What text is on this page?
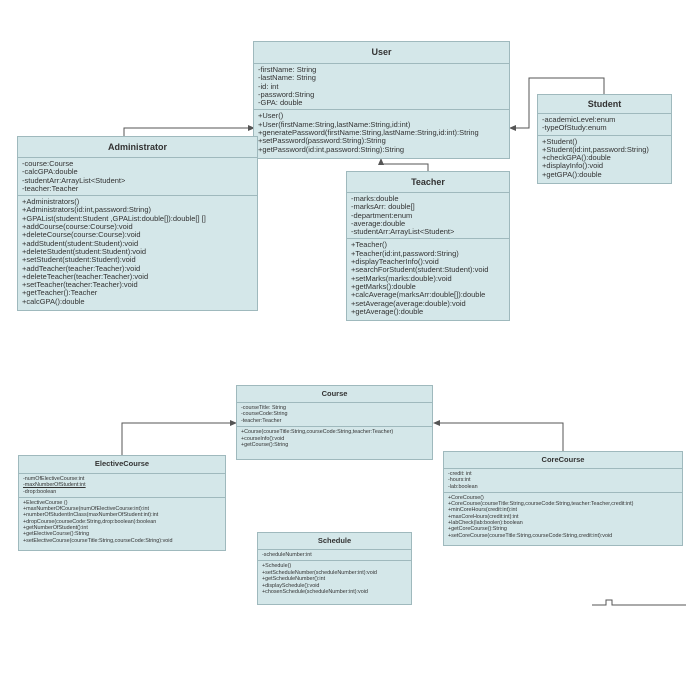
User
-firstName: String
-lastName: String
-id: int
-password:String
-GPA: double
+User()
+User(firstName:String,lastName:String,id:int)
+generatePassword(firstName:String,lastName:String,id:int):String
+setPassword(password:String):String
+getPassword(id:int,password:String):String
Student
-academicLevel:enum
-typeOfStudy:enum
+Student()
+Student(id:int,password:String)
+checkGPA():double
+displayInfo():void
+getGPA():double
Administrator
-course:Course
-calcGPA:double
-studentArr:ArrayList<Student>
-teacher:Teacher
+Administrators()
+Administrators(id:int,password:String)
+GPAList(student:Student ,GPAList:double[]):double[] []
+addCourse(course:Course):void
+deleteCourse(course:Course):void
+addStudent(student:Student):void
+deleteStudent(student:Student):void
+setStudent(student:Student):void
+addTeacher(teacher:Teacher):void
+deleteTeacher(teacher:Teacher):void
+setTeacher(teacher:Teacher):void
+getTeacher():Teacher
+calcGPA():double
Teacher
-marks:double
-marksArr: double[]
-department:enum
-average:double
-studentArr:ArrayList<Student>
+Teacher()
+Teacher(id:int,password:String)
+displayTeacherInfo():void
+searchForStudent(student:Student):void
+setMarks(marks:double):void
+getMarks():double
+calcAverage(marksArr:double[]):double
+setAverage(average:double):void
+getAverage():double
Course
-courseTitle: String
-courseCode:String
-teacher:Teacher
+Course(courseTitle:String,courseCode:String,teacher:Teacher)
+courseInfo():void
+getCourse():String
ElectiveCourse
-numOfElectiveCourse:int
-maxNumberOfStudent:int
-drop:boolean
+ElectiveCourse ()
+maxNumberOfCourse(numOfElectiveCourse:int):int
+numberOfStudentInClass(maxNumberOfStudent:int):int
+dropCourse(courseCode:String,drop:boolean):boolean
+getNumberOfStudent():int
+getElectiveCourse():String
+setElectiveCourse(courseTitle:String,courseCode:String):void
CoreCourse
-credit: int
-hours:int
-lab:boolean
+CoreCourse()
+CoreCourse(courseTitle:String,courseCode:String,teacher:Teacher,credit:int)
+minCoreHours(credit:int):int
+maxCoreHours(credit:int):int
+labCheck(lab:boolen):boolean
+getCoreCourse():String
+setCoreCourse(courseTitle:String,courseCode:String,credit:int):void
Schedule
-scheduleNumber:int
+Schedule()
+setScheduleNumber(scheduleNumber:int):void
+getScheduleNumber():int
+displaySchedule():void
+chosenSchedule(scheduleNumber:int):void
